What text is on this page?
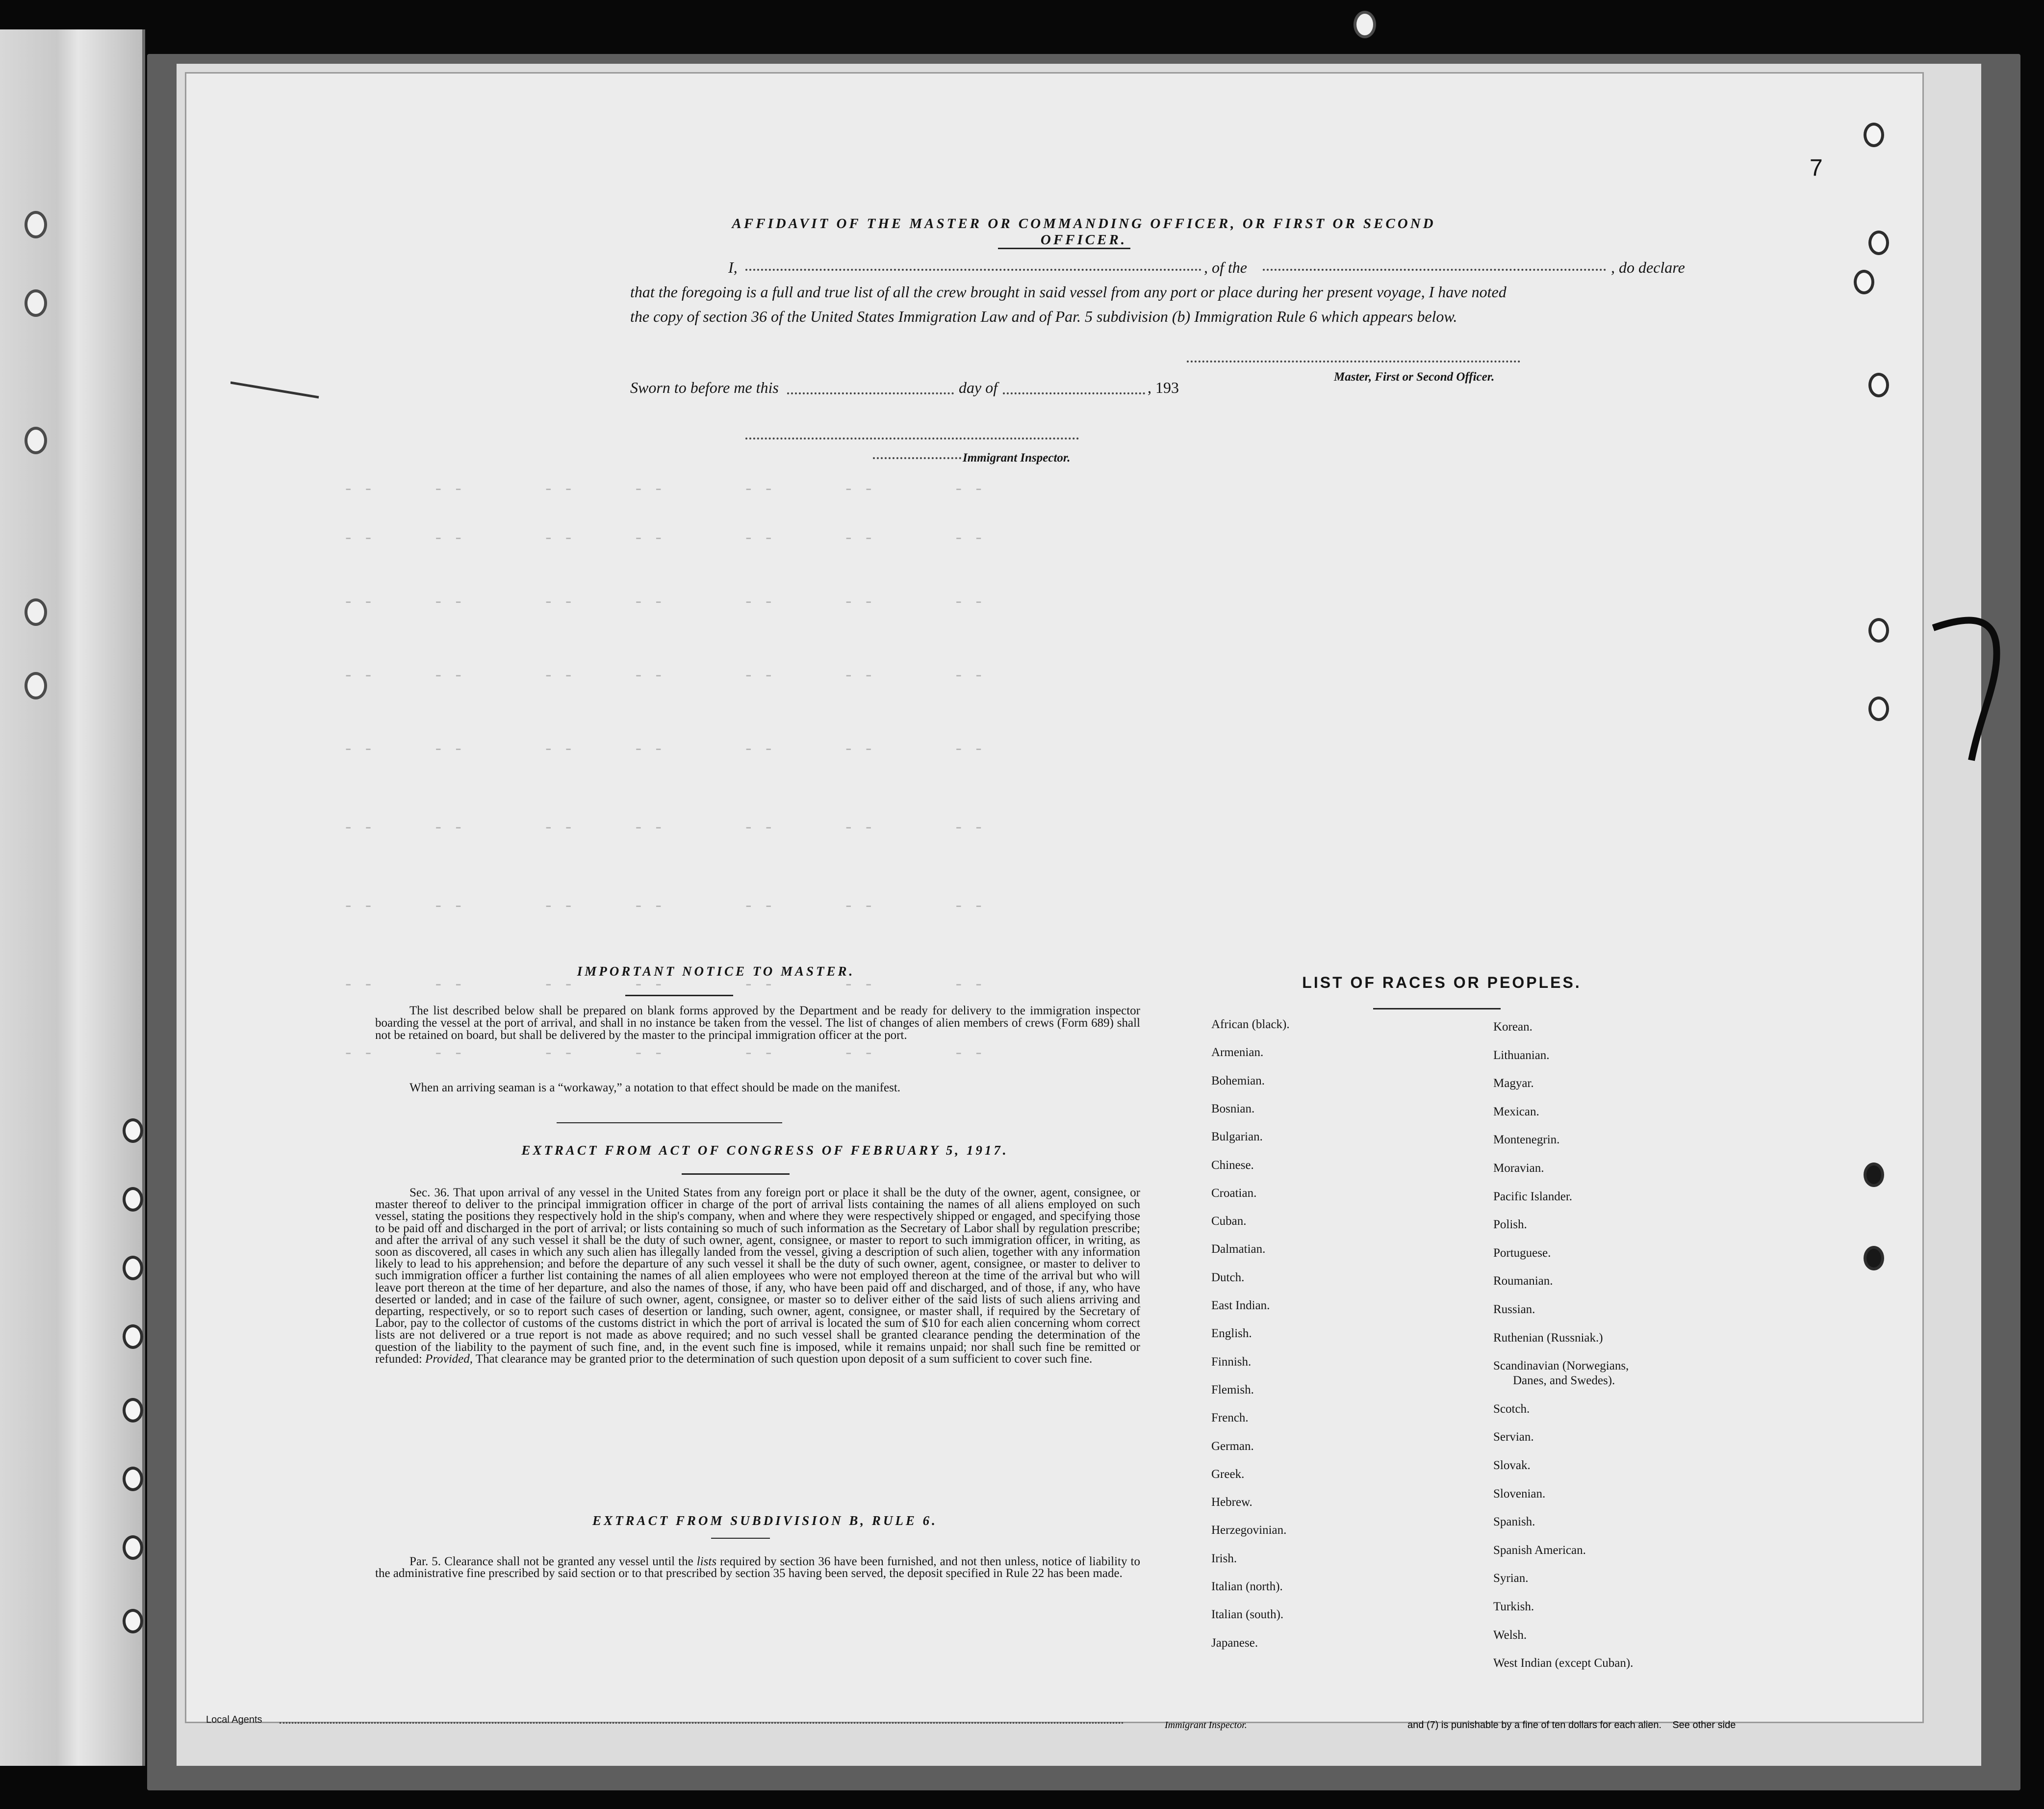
7
- -      - -        - -      - -        - -       - -        - -
- -      - -        - -      - -        - -       - -        - -
- -      - -        - -      - -        - -       - -        - -
- -      - -        - -      - -        - -       - -        - -
- -      - -        - -      - -        - -       - -        - -
- -      - -        - -      - -        - -       - -        - -
- -      - -        - -      - -        - -       - -        - -
- -      - -        - -      - -        - -       - -        - -
- -      - -        - -      - -        - -       - -        - -
AFFIDAVIT OF THE MASTER OR COMMANDING OFFICER, OR FIRST OR SECOND OFFICER.
I,	, of the	, do declare
that the foregoing is a full and true list of all the crew brought in said vessel from any port or place during her present voyage, I have noted
the copy of section 36 of the United States Immigration Law and of Par. 5 subdivision (b) Immigration Rule 6 which appears below.
Master, First or Second Officer.
Sworn to before me this	day of	, 193
Immigrant Inspector.
IMPORTANT NOTICE TO MASTER.
The list described below shall be prepared on blank forms approved by the Department and be ready for delivery to the immigration inspector boarding the vessel at the port of arrival, and shall in no instance be taken from the vessel. The list of changes of alien members of crews (Form 689) shall not be retained on board, but shall be delivered by the master to the principal immigration officer at the port.
When an arriving seaman is a “workaway,” a notation to that effect should be made on the manifest.
EXTRACT FROM ACT OF CONGRESS OF FEBRUARY 5, 1917.
Sec. 36. That upon arrival of any vessel in the United States from any foreign port or place it shall be the duty of the owner, agent, consignee, or master thereof to deliver to the principal immigration officer in charge of the port of arrival lists containing the names of all aliens employed on such vessel, stating the positions they respectively hold in the ship's company, when and where they were respectively shipped or engaged, and specifying those to be paid off and discharged in the port of arrival; or lists containing so much of such information as the Secretary of Labor shall by regulation prescribe; and after the arrival of any such vessel it shall be the duty of such owner, agent, consignee, or master to report to such immigration officer, in writing, as soon as discovered, all cases in which any such alien has illegally landed from the vessel, giving a description of such alien, together with any information likely to lead to his apprehension; and before the departure of any such vessel it shall be the duty of such owner, agent, consignee, or master to deliver to such immigration officer a further list containing the names of all alien employees who were not employed thereon at the time of the arrival but who will leave port thereon at the time of her departure, and also the names of those, if any, who have been paid off and discharged, and of those, if any, who have deserted or landed; and in case of the failure of such owner, agent, consignee, or master so to deliver either of the said lists of such aliens arriving and departing, respectively, or so to report such cases of desertion or landing, such owner, agent, consignee, or master shall, if required by the Secretary of Labor, pay to the collector of customs of the customs district in which the port of arrival is located the sum of $10 for each alien concerning whom correct lists are not delivered or a true report is not made as above required; and no such vessel shall be granted clearance pending the determination of the question of the liability to the payment of such fine, and, in the event such fine is imposed, while it remains unpaid; nor shall such fine be remitted or refunded: Provided, That clearance may be granted prior to the determination of such question upon deposit of a sum sufficient to cover such fine.
EXTRACT FROM SUBDIVISION B, RULE 6.
Par. 5. Clearance shall not be granted any vessel until the lists required by section 36 have been furnished, and not then unless, notice of liability to the administrative fine prescribed by said section or to that prescribed by section 35 having been served, the deposit specified in Rule 22 has been made.
LIST OF RACES OR PEOPLES.
African (black).
Armenian.
Bohemian.
Bosnian.
Bulgarian.
Chinese.
Croatian.
Cuban.
Dalmatian.
Dutch.
East Indian.
English.
Finnish.
Flemish.
French.
German.
Greek.
Hebrew.
Herzegovinian.
Irish.
Italian (north).
Italian (south).
Japanese.
Korean.
Lithuanian.
Magyar.
Mexican.
Montenegrin.
Moravian.
Pacific Islander.
Polish.
Portuguese.
Roumanian.
Russian.
Ruthenian (Russniak.)
Scandinavian (Norwegians,
Danes, and Swedes).
Scotch.
Servian.
Slovak.
Slovenian.
Spanish.
Spanish American.
Syrian.
Turkish.
Welsh.
West Indian (except Cuban).
Local Agents	Immigrant Inspector.	and (7) is punishable by a fine of ten dollars for each alien. See other side
